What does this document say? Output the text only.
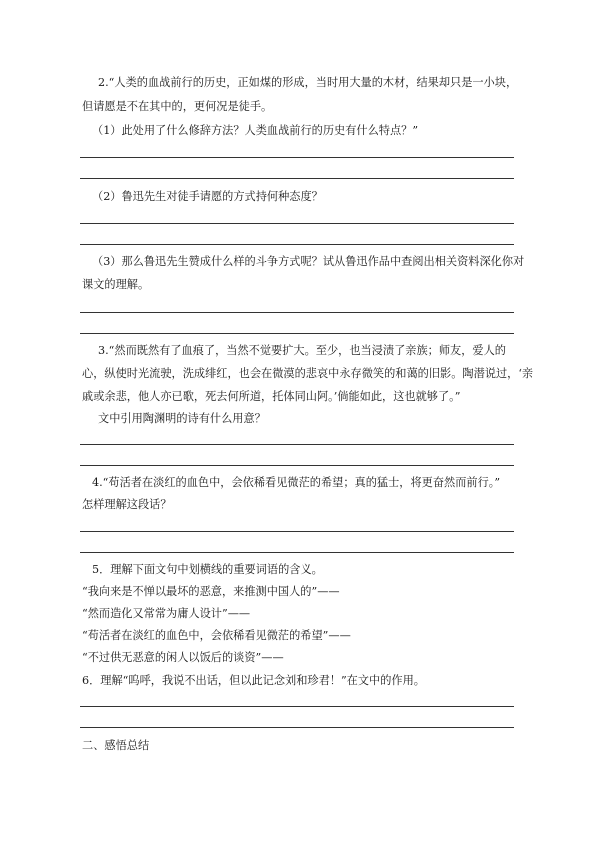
2.“人类的血战前行的历史，正如煤的形成，当时用大量的木材，结果却只是一小块，
但请愿是不在其中的，更何况是徒手。
（1）此处用了什么修辞方法？人类血战前行的历史有什么特点？”
（2）鲁迅先生对徒手请愿的方式持何种态度？
（3）那么鲁迅先生赞成什么样的斗争方式呢？试从鲁迅作品中查阅出相关资料深化你对
课文的理解。
3.“然而既然有了血痕了，当然不觉要扩大。至少，也当浸渍了亲族；师友，爱人的
心，纵使时光流驶，洗成绯红，也会在微漠的悲哀中永存微笑的和蔼的旧影。陶潜说过，‘亲
戚或余悲，他人亦已歌，死去何所道，托体同山阿。’倘能如此，这也就够了。”
文中引用陶渊明的诗有什么用意？
4.“苟活者在淡红的血色中，会依稀看见微茫的希望；真的猛士，将更奋然而前行。”
怎样理解这段话？
5．理解下面文句中划横线的重要词语的含义。
“我向来是不惮以最坏的恶意，来推测中国人的”——
“然而造化又常常为庸人设计”——
“苟活者在淡红的血色中，会依稀看见微茫的希望”——
“不过供无恶意的闲人以饭后的谈资”——
6．理解“呜呼，我说不出话，但以此记念刘和珍君！”在文中的作用。
二、感悟总结
